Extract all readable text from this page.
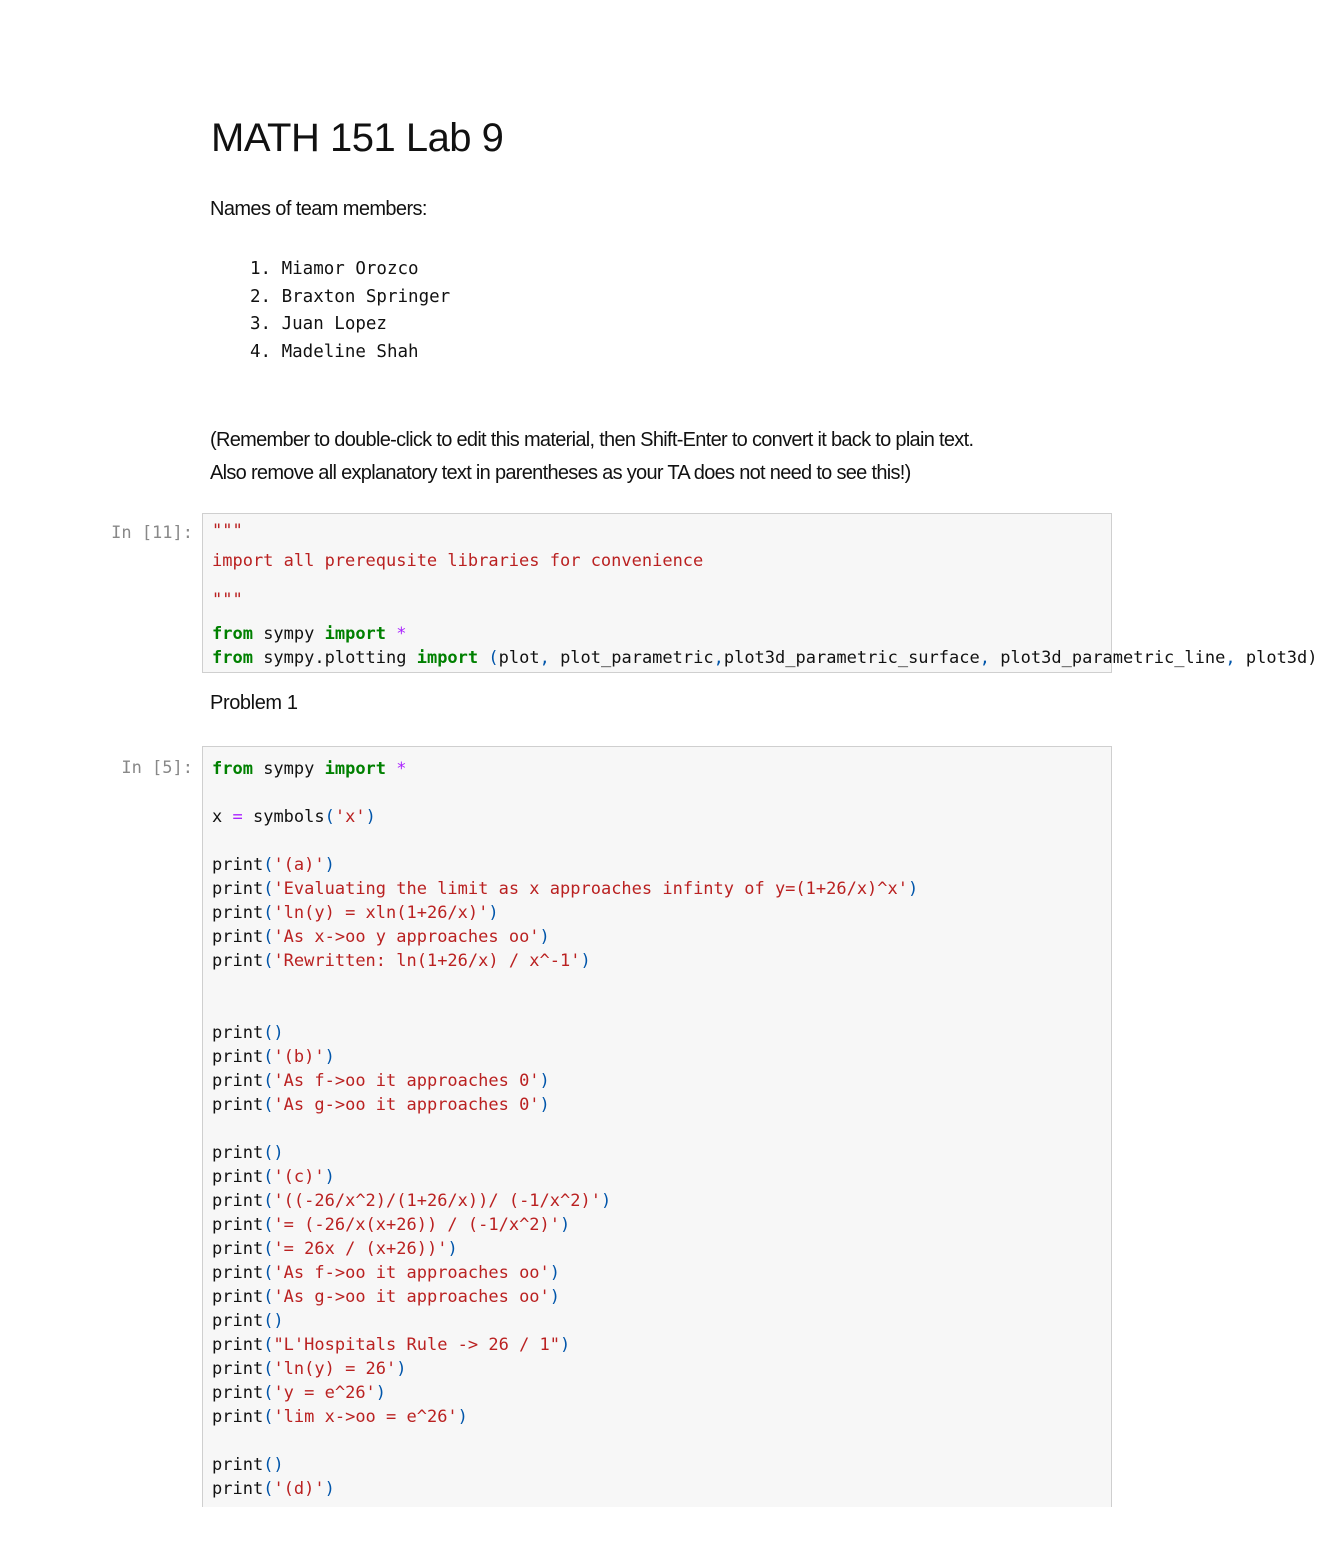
MATH 151 Lab 9

Names of team members:

1. Miamor Orozco
2. Braxton Springer
3. Juan Lopez
4. Madeline Shah
(Remember to double-click to edit this material, then Shift-Enter to convert it back to plain text.
Also remove all explanatory text in parentheses as your TA does not need to see this!)
In [11]: """
import all prerequsite libraries for convenience
"""
from sympy import *
from sympy.plotting import (plot, plot_parametric,plot3d_parametric_surface, plot3d_parametric_line, plot3d)
Problem 1
In [5]: from sympy import *

x = symbols('x')

print('(a)')
print('Evaluating the limit as x approaches infinty of y=(1+26/x)^x')
print('ln(y) = xln(1+26/x)')
print('As x->oo y approaches oo')
print('Rewritten: ln(1+26/x) / x^-1')

print()
print('(b)')
print('As f->oo it approaches 0')
print('As g->oo it approaches 0')

print()
print('(c)')
print('((-26/x^2)/(1+26/x))/ (-1/x^2)')
print('= (-26/x(x+26)) / (-1/x^2)')
print('= 26x / (x+26))')
print('As f->oo it approaches oo')
print('As g->oo it approaches oo')
print()
print("L'Hospitals Rule -> 26 / 1")
print('ln(y) = 26')
print('y = e^26')
print('lim x->oo = e^26')

print()
print('(d)')
